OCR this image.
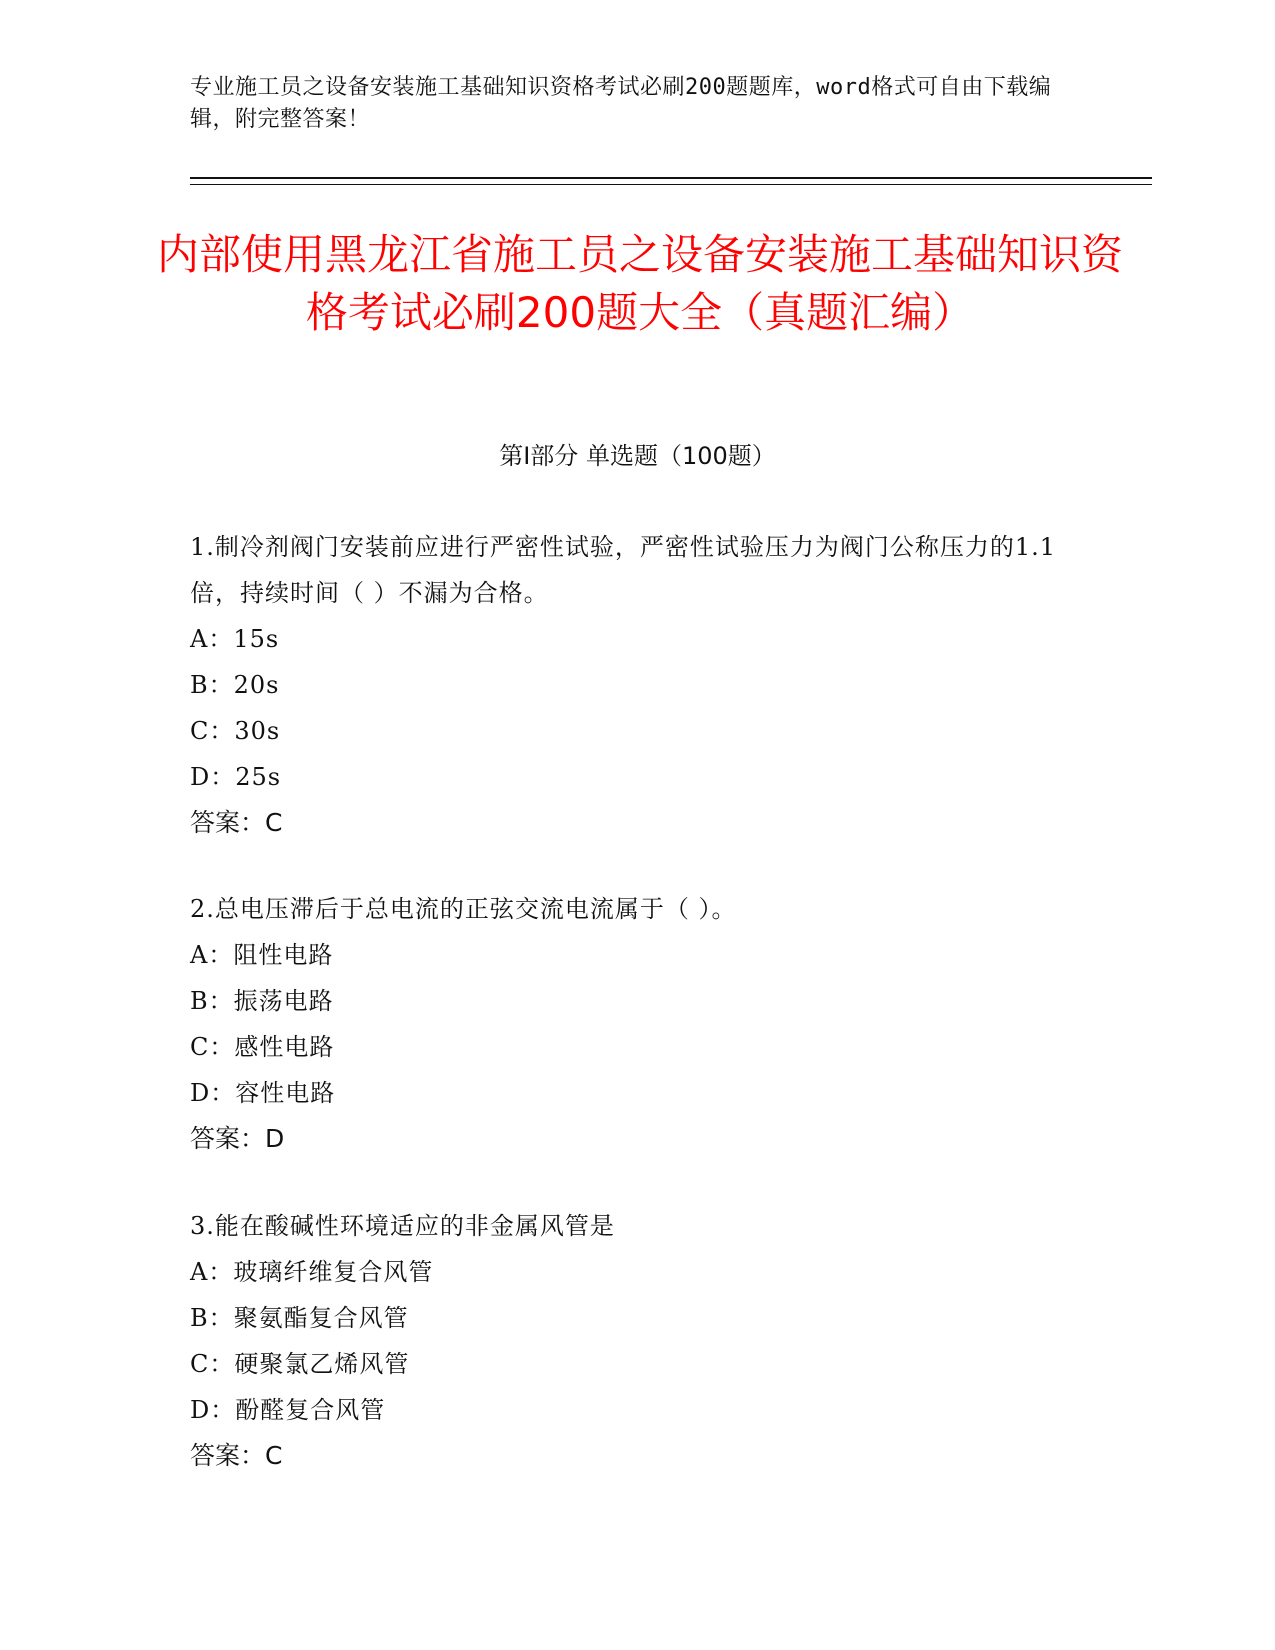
专业施工员之设备安装施工基础知识资格考试必刷200题题库，word格式可自由下载编辑，附完整答案！
内部使用黑龙江省施工员之设备安装施工基础知识资格考试必刷200题大全（真题汇编）
第I部分 单选题（100题）

1.制冷剂阀门安装前应进行严密性试验，严密性试验压力为阀门公称压力的1.1倍，持续时间（ ）不漏为合格。

A：15s

B：20s

C：30s

D：25s

答案：C

2.总电压滞后于总电流的正弦交流电流属于（ ）。

A：阻性电路

B：振荡电路

C：感性电路

D：容性电路

答案：D

3.能在酸碱性环境适应的非金属风管是

A：玻璃纤维复合风管

B：聚氨酯复合风管

C：硬聚氯乙烯风管

D：酚醛复合风管

答案：C
